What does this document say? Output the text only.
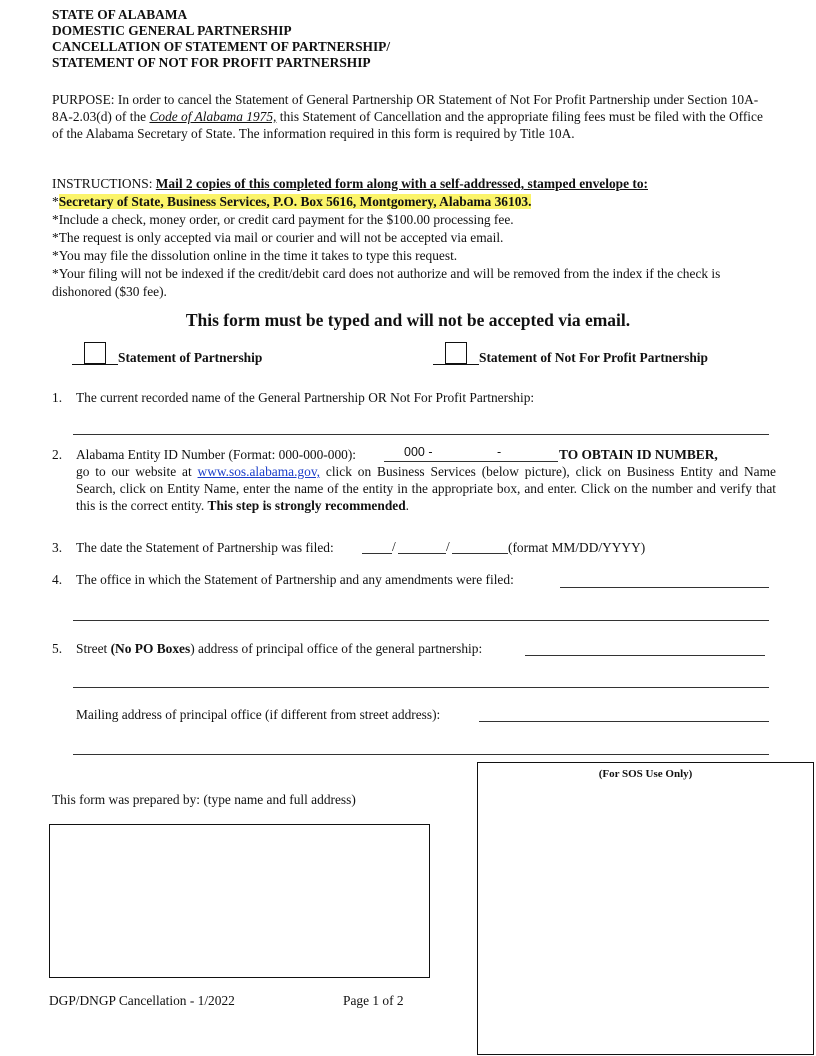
STATE OF ALABAMA
DOMESTIC GENERAL PARTNERSHIP
CANCELLATION OF STATEMENT OF PARTNERSHIP/
STATEMENT OF NOT FOR PROFIT PARTNERSHIP
PURPOSE: In order to cancel the Statement of General Partnership OR Statement of Not For Profit Partnership under Section 10A-8A-2.03(d) of the Code of Alabama 1975, this Statement of Cancellation and the appropriate filing fees must be filed with the Office of the Alabama Secretary of State. The information required in this form is required by Title 10A.
INSTRUCTIONS: Mail 2 copies of this completed form along with a self-addressed, stamped envelope to:
*Secretary of State, Business Services, P.O. Box 5616, Montgomery, Alabama 36103.
*Include a check, money order, or credit card payment for the $100.00 processing fee.
*The request is only accepted via mail or courier and will not be accepted via email.
*You may file the dissolution online in the time it takes to type this request.
*Your filing will not be indexed if the credit/debit card does not authorize and will be removed from the index if the check is dishonored ($30 fee).
This form must be typed and will not be accepted via email.
Statement of Partnership	Statement of Not For Profit Partnership
1. The current recorded name of the General Partnership OR Not For Profit Partnership:
2. Alabama Entity ID Number (Format: 000-000-000):	000 -	-	TO OBTAIN ID NUMBER,
go to our website at www.sos.alabama.gov, click on Business Services (below picture), click on Business Entity and Name Search, click on Entity Name, enter the name of the entity in the appropriate box, and enter. Click on the number and verify that this is the correct entity. This step is strongly recommended.
3. The date the Statement of Partnership was filed:	/	/	(format MM/DD/YYYY)
4. The office in which the Statement of Partnership and any amendments were filed:
5. Street (No PO Boxes) address of principal office of the general partnership:
Mailing address of principal office (if different from street address):
(For SOS Use Only)
This form was prepared by: (type name and full address)
DGP/DNGP Cancellation - 1/2022	Page 1 of 2
